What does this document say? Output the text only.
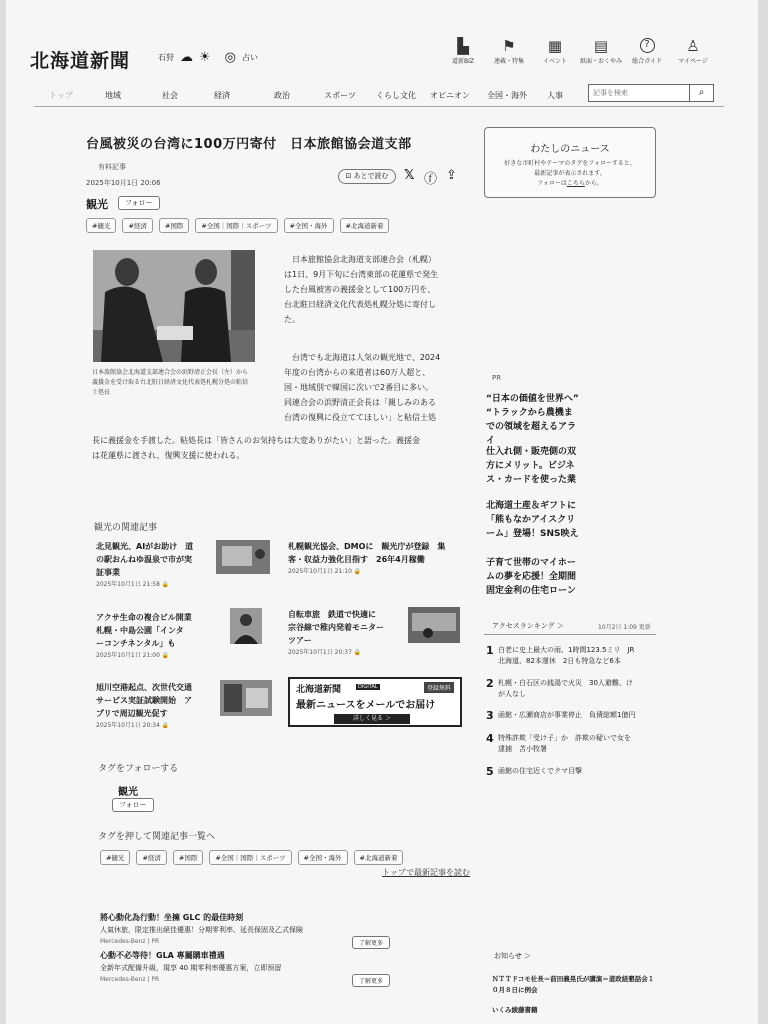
北海道新聞	石狩 ☁ ☀ ◎ 占い
▙
道新BIZ
⚑
連載・特集
▦
イベント
▤
紙面・おくやみ
?
総合ガイド
♙
マイページ
トップ	地域	社会	経済	政治	スポーツ	くらし文化	オピニオン	全国・海外	人事
記事を検索	⌕
台風被災の台湾に100万円寄付　日本旅館協会道支部
有料記事
2025年10月1日 20:06
⊡ あとで読む	𝕏 ⓕ ⇪
観光	フォロー
#観光	#経済	#国際	#全国｜国際｜スポーツ	#全国・海外	#北海道新着
日本旅館協会北海道支部連合会の浜野清正会長（左）から義援金を受け取る台北駐日経済文化代表処札幌分処の粘信士処長
日本旅館協会北海道支部連合会（札幌）
は1日、9月下旬に台湾東部の花蓮県で発生
した台風被害の義援金として100万円を、
台北駐日経済文化代表処札幌分処に寄付し
た。
台湾でも北海道は人気の観光地で、2024
年度の台湾からの来道者は60万人超と、
国・地域別で韓国に次いで2番目に多い。
同連合会の浜野清正会長は「親しみのある
台湾の復興に役立ててほしい」と粘信士処
長に義援金を手渡した。粘処長は「皆さんのお気持ちは大変ありがたい」と語った。義援金
は花蓮県に渡され、復興支援に使われる。
観光の関連記事
北見観光、AIがお助け　道
の駅おんねゆ温泉で市が実
証事業
2025年10月1日 21:58 🔒
札幌観光協会、DMOに　観光庁が登録　集
客・収益力強化目指す　26年4月稼働
2025年10月1日 21:10 🔒
アクサ生命の複合ビル開業
札幌・中島公園「インタ
ーコンチネンタル」も
2025年10月1日 21:00 🔒
自転車旅　鉄道で快適に
宗谷線で稚内発着モニター
ツアー
2025年10月1日 20:37 🔒
旭川空港起点、次世代交通
サービス実証試験開始　ア
プリで周辺観光促す
2025年10月1日 20:34 🔒
北海道新聞	DIGITAL	登録無料
最新ニュースをメールでお届け
詳しく見る ＞
タグをフォローする
観光
フォロー
タグを押して関連記事一覧へ
#観光	#経済	#国際	#全国｜国際｜スポーツ	#全国・海外	#北海道新着
トップで最新記事を読む
將心動化為行動！坐擁 GLC 的最佳時刻
人氣休旅，限定推出絕佳優惠！分期零利率、延長保固及乙式保險
Mercedes-Benz | PR	了解更多
心動不必等待！GLA 專屬購車禮遇
全新年式配備升級，現享 40 期零利率優惠方案，立即预留
Mercedes-Benz | PR	了解更多
わたしのニュース
好きな市町村やテーマのタグをフォローすると、
最新記事が表示されます。
フォローはこちらから。
PR
“日本の価値を世界へ”
“トラックから農機ま
での領域を超えるアライ
仕入れ側・販売側の双
方にメリット。ビジネ
ス・カードを使った業
北海道土産＆ギフトに
「熊もなかアイスクリ
ーム」登場！SNS映え
子育て世帯のマイホー
ムの夢を応援！全期間
固定金利の住宅ローン
アクセスランキング ＞	10月2日 1:09 更新
1 白老に史上最大の雨、1時間123.5ミリ　JR
北海道、82本運休　2日も特急など6本
2 札幌・白石区の銭湯で火災　30人避難、け
が人なし
3 函館・広瀬商店が事業停止　負債総額1億円
4 特殊詐欺「受け子」か　詐欺の疑いで女を
逮捕　苫小牧署
5 函館の住宅近くでクマ目撃
お知らせ ＞
ＮＴＴドコモ社長＝前田義晃氏が講演＝道政経懇話会１
０月８日に例会
いくみ綾藤書籍
